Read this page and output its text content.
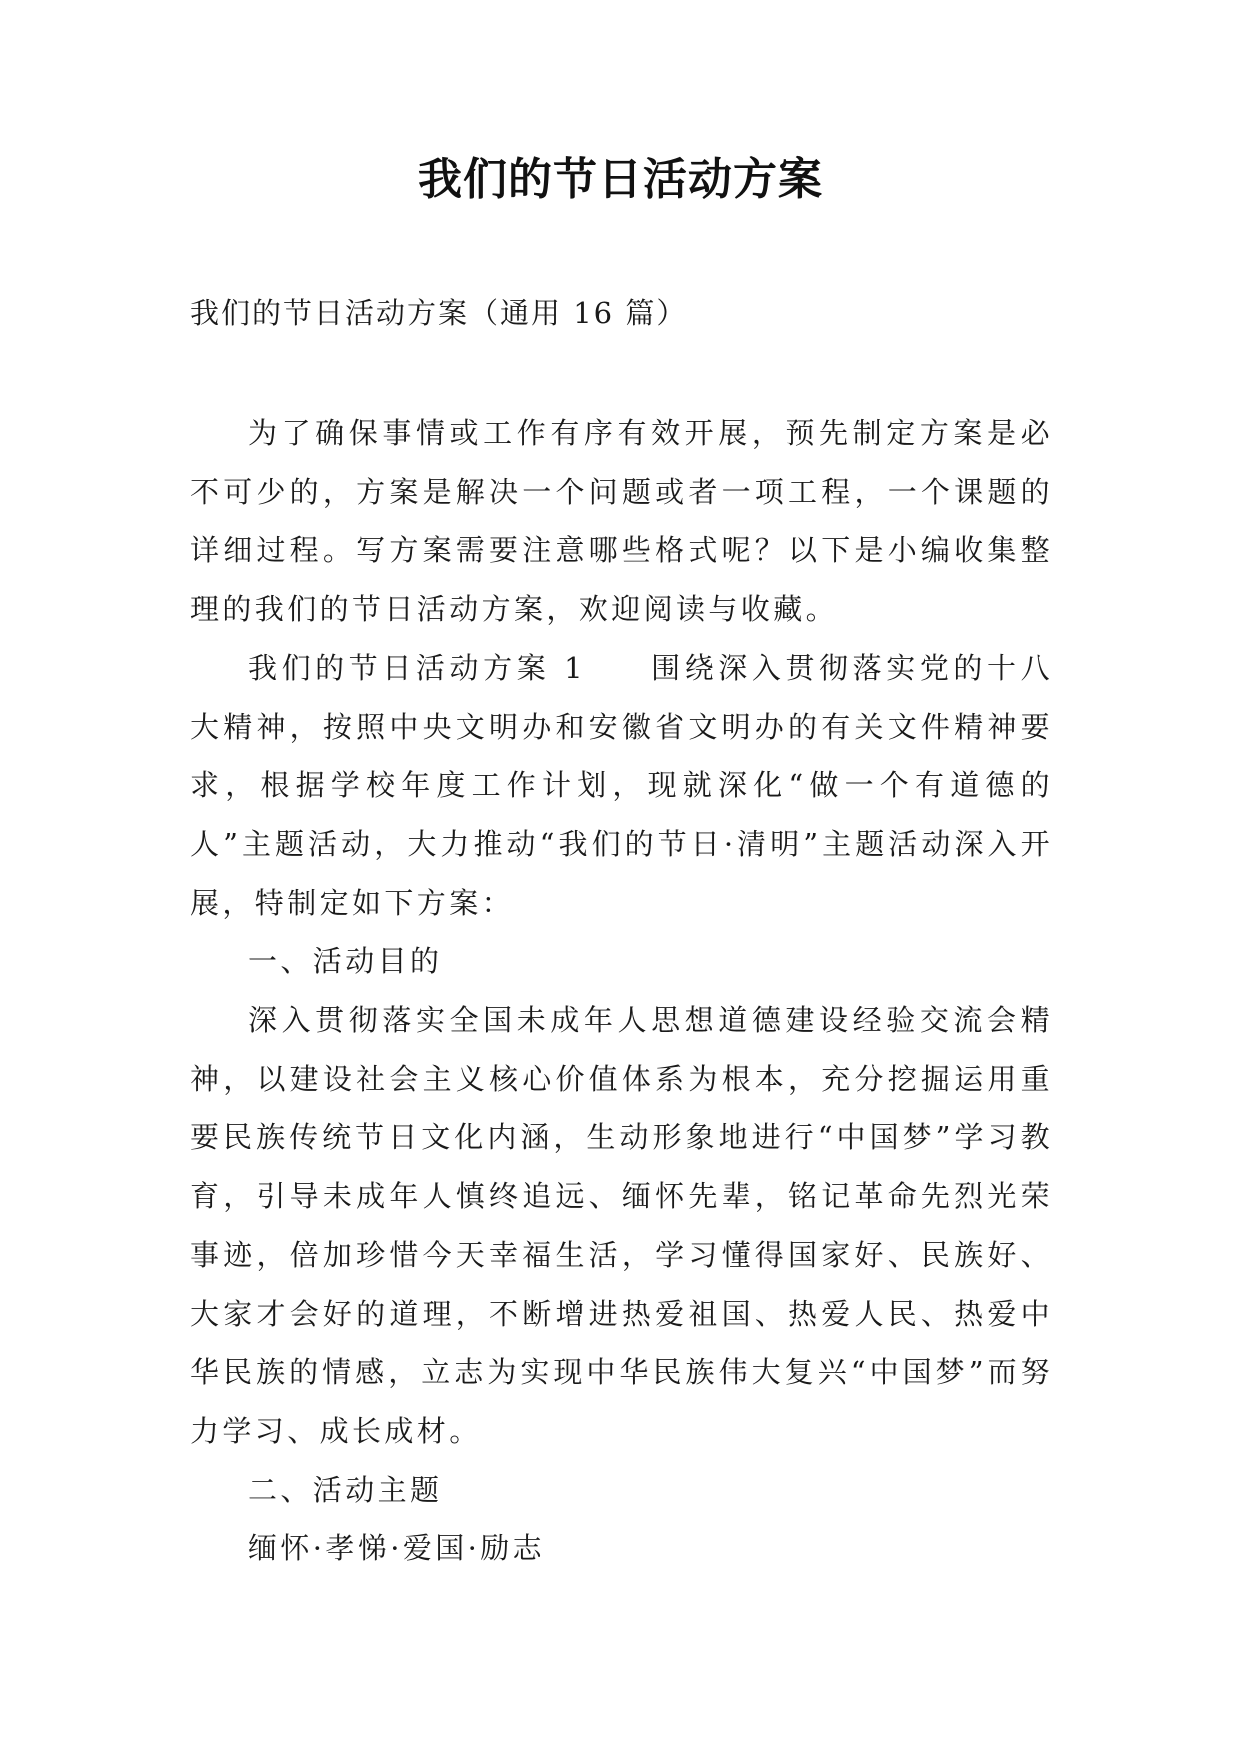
我们的节日活动方案

我们的节日活动方案（通用 16 篇）

为了确保事情或工作有序有效开展，预先制定方案是必不可少的，方案是解决一个问题或者一项工程，一个课题的详细过程。写方案需要注意哪些格式呢？以下是小编收集整理的我们的节日活动方案，欢迎阅读与收藏。

我们的节日活动方案 1 围绕深入贯彻落实党的十八大精神，按照中央文明办和安徽省文明办的有关文件精神要求，根据学校年度工作计划，现就深化“做一个有道德的人”主题活动，大力推动“我们的节日·清明”主题活动深入开展，特制定如下方案：

一、活动目的

深入贯彻落实全国未成年人思想道德建设经验交流会精神，以建设社会主义核心价值体系为根本，充分挖掘运用重要民族传统节日文化内涵，生动形象地进行“中国梦”学习教育，引导未成年人慎终追远、缅怀先辈，铭记革命先烈光荣事迹，倍加珍惜今天幸福生活，学习懂得国家好、民族好、大家才会好的道理，不断增进热爱祖国、热爱人民、热爱中华民族的情感，立志为实现中华民族伟大复兴“中国梦”而努力学习、成长成材。

二、活动主题

缅怀·孝悌·爱国·励志
